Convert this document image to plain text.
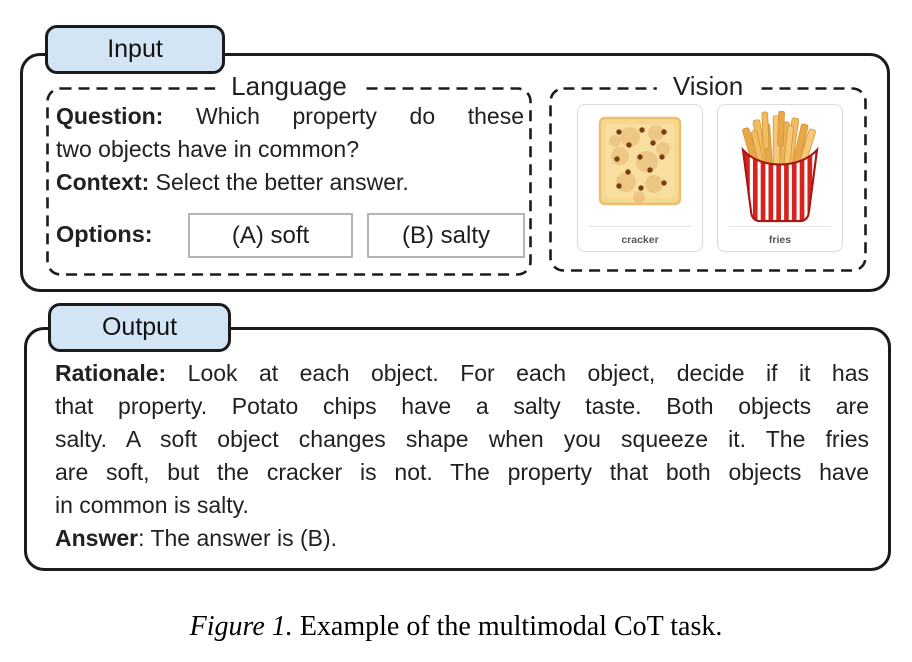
Input
Language
Question: Which property do these
two objects have in common?
Context: Select the better answer.
Options:	(A) soft	(B) salty
Vision
cracker	fries
Rationale: Look at each object. For each object, decide if it has
that property. Potato chips have a salty taste. Both objects are
salty. A soft object changes shape when you squeeze it. The fries
are soft, but the cracker is not. The property that both objects have
in common is salty.
Answer: The answer is (B).
Output
Figure 1. Example of the multimodal CoT task.
